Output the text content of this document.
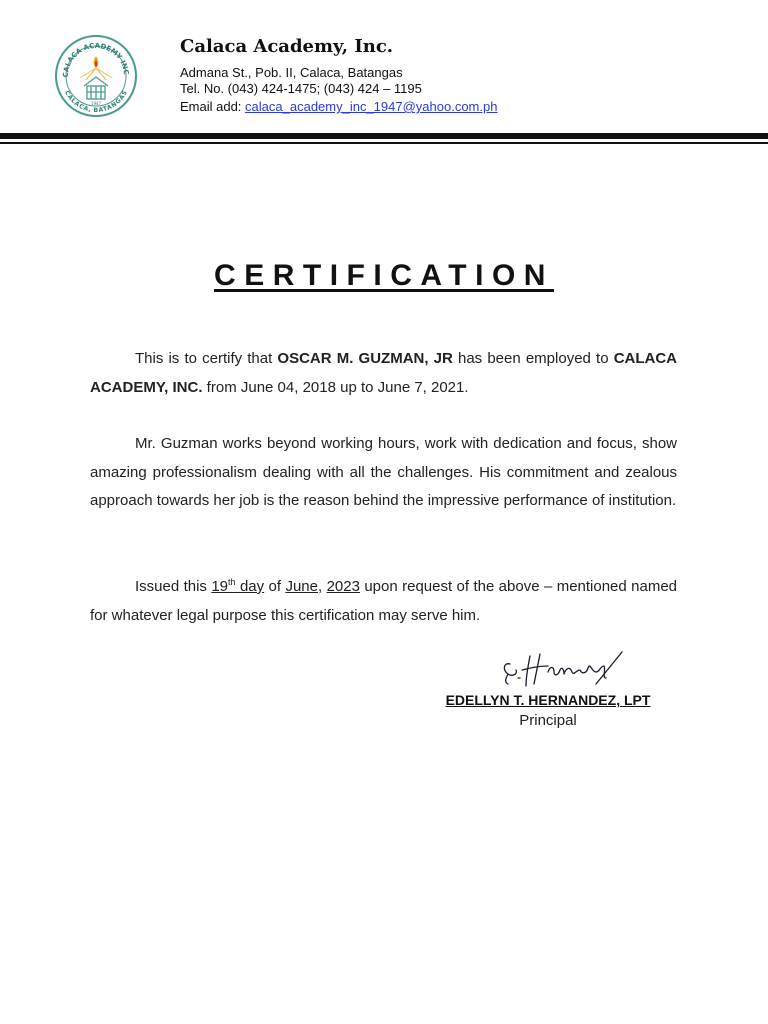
CALACA ACADEMY INC
CALACA, BATANGAS
1947
Calaca Academy, Inc.
Admana St., Pob. II, Calaca, Batangas
Tel. No. (043) 424-1475; (043) 424 – 1195
Email add: calaca_academy_inc_1947@yahoo.com.ph
CERTIFICATION
This is to certify that OSCAR M. GUZMAN, JR has been employed to CALACA ACADEMY, INC. from June 04, 2018 up to June 7, 2021.
Mr. Guzman works beyond working hours, work with dedication and focus, show amazing professionalism dealing with all the challenges. His commitment and zealous approach towards her job is the reason behind the impressive performance of institution.
Issued this 19th day of June, 2023 upon request of the above – mentioned named for whatever legal purpose this certification may serve him.
EDELLYN T. HERNANDEZ, LPT
Principal
